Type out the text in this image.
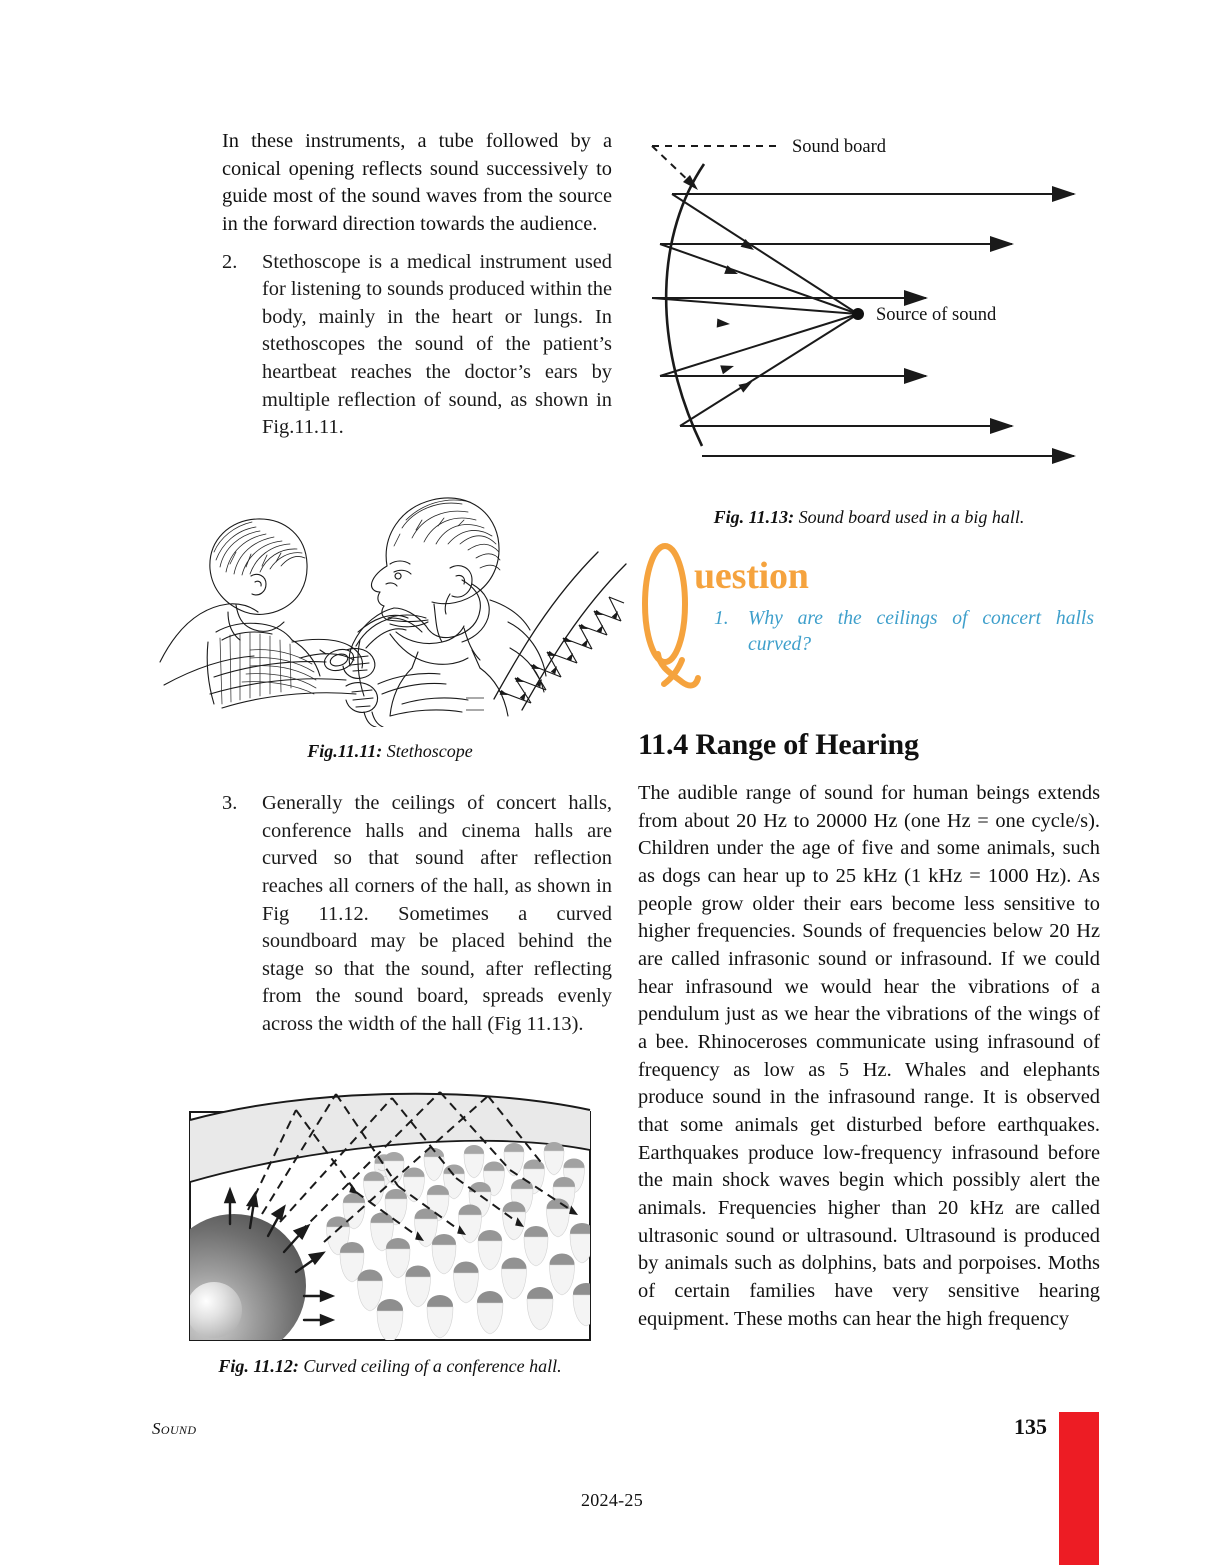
In these instruments, a tube followed by a conical opening reflects sound successively to guide most of the sound waves from the source in the forward direction towards the audience.

2.	Stethoscope is a medical instrument used for listening to sounds produced within the body, mainly in the heart or lungs. In stethoscopes the sound of the patient’s heartbeat reaches the doctor’s ears by multiple reflection of sound, as shown in Fig.11.11.
Fig.11.11: Stethoscope
3.	Generally the ceilings of concert halls, conference halls and cinema halls are curved so that sound after reflection reaches all corners of the hall, as shown in Fig 11.12. Sometimes a curved soundboard may be placed behind the stage so that the sound, after reflecting from the sound board, spreads evenly across the width of the hall (Fig 11.13).
Fig. 11.12: Curved ceiling of a conference hall.
Sound board
Source of sound
Fig. 11.13: Sound board used in a big hall.
uestion
1. Why are the ceilings of concert halls curved?
11.4 Range of Hearing

The audible range of sound for human beings extends from about 20 Hz to 20000 Hz (one Hz = one cycle/s). Children under the age of five and some animals, such as dogs can hear up to 25 kHz (1 kHz = 1000 Hz). As people grow older their ears become less sensitive to higher frequencies. Sounds of frequencies below 20 Hz are called infrasonic sound or infrasound. If we could hear infrasound we would hear the vibrations of a pendulum just as we hear the vibrations of the wings of a bee. Rhinoceroses communicate using infrasound of frequency as low as 5 Hz. Whales and elephants produce sound in the infrasound range. It is observed that some animals get disturbed before earthquakes. Earthquakes produce low-frequency infrasound before the main shock waves begin which possibly alert the animals. Frequencies higher than 20 kHz are called ultrasonic sound or ultrasound. Ultrasound is produced by animals such as dolphins, bats and porpoises. Moths of certain families have very sensitive hearing equipment. These moths can hear the high frequency

Sound	135
2024-25
